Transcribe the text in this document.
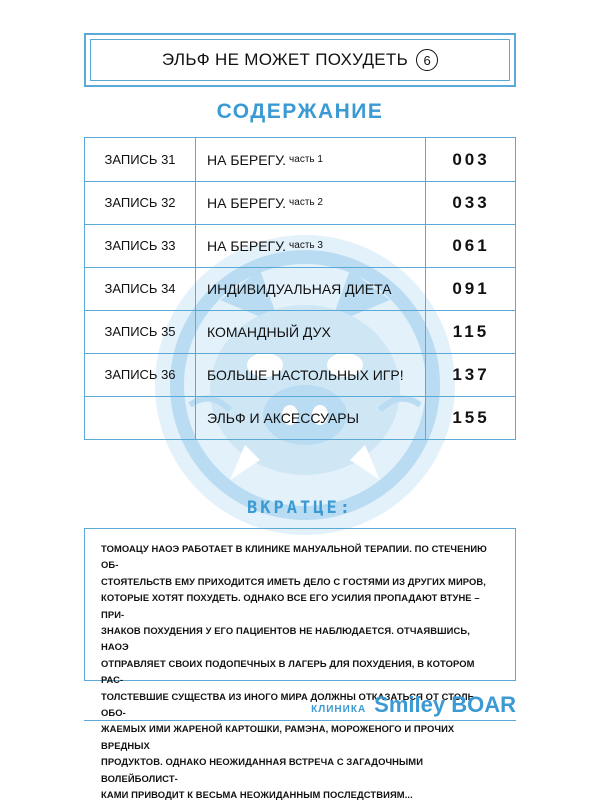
ЭЛЬФ НЕ МОЖЕТ ПОХУДЕТЬ	6
СОДЕРЖАНИЕ
ЗАПИСЬ 31	НА БЕРЕГУ. часть 1	003
ЗАПИСЬ 32	НА БЕРЕГУ. часть 2	033
ЗАПИСЬ 33	НА БЕРЕГУ. часть 3	061
ЗАПИСЬ 34	ИНДИВИДУАЛЬНАЯ ДИЕТА	091
ЗАПИСЬ 35	КОМАНДНЫЙ ДУХ	115
ЗАПИСЬ 36	БОЛЬШЕ НАСТОЛЬНЫХ ИГР!	137
ЭЛЬФ И АКСЕССУАРЫ	155
ВКРАТЦЕ:
ТОМОАЦУ НАОЭ РАБОТАЕТ В КЛИНИКЕ МАНУАЛЬНОЙ ТЕРАПИИ. ПО СТЕЧЕНИЮ ОБ-
СТОЯТЕЛЬСТВ ЕМУ ПРИХОДИТСЯ ИМЕТЬ ДЕЛО С ГОСТЯМИ ИЗ ДРУГИХ МИРОВ,
КОТОРЫЕ ХОТЯТ ПОХУДЕТЬ. ОДНАКО ВСЕ ЕГО УСИЛИЯ ПРОПАДАЮТ ВТУНЕ – ПРИ-
ЗНАКОВ ПОХУДЕНИЯ У ЕГО ПАЦИЕНТОВ НЕ НАБЛЮДАЕТСЯ. ОТЧАЯВШИСЬ, НАОЭ
ОТПРАВЛЯЕТ СВОИХ ПОДОПЕЧНЫХ В ЛАГЕРЬ ДЛЯ ПОХУДЕНИЯ, В КОТОРОМ РАС-
ТОЛСТЕВШИЕ СУЩЕСТВА ИЗ ИНОГО МИРА ДОЛЖНЫ ОТКАЗАТЬСЯ ОТ СТОЛЬ ОБО-
ЖАЕМЫХ ИМИ ЖАРЕНОЙ КАРТОШКИ, РАМЭНА, МОРОЖЕНОГО И ПРОЧИХ ВРЕДНЫХ
ПРОДУКТОВ. ОДНАКО НЕОЖИДАННАЯ ВСТРЕЧА С ЗАГАДОЧНЫМИ ВОЛЕЙБОЛИСТ-
КАМИ ПРИВОДИТ К ВЕСЬМА НЕОЖИДАННЫМ ПОСЛЕДСТВИЯМ...
КЛИНИКА Smiley BOAR
